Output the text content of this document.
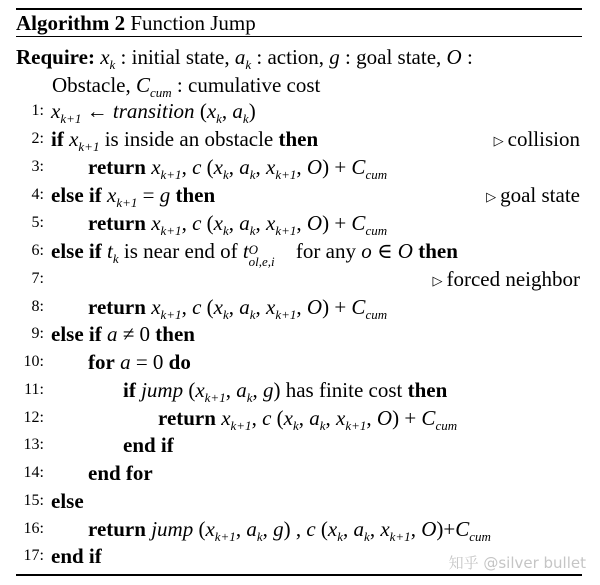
Algorithm 2 Function Jump
Require: $x_k$ : initial state, $a_k$ : action, g : goal state, O :
Obstacle, $C_{cum}$ : cumulative cost
1: $x_{k+1}$ ← transition ($x_k$, $a_k$)
2: if $x_{k+1}$ is inside an obstacle then	▷ collision
3: return $x_{k+1}$, c ($x_k$, $a_k$, $x_{k+1}$, $O) + C_{cum}$
4: else if $x_{k+1} = g$ then	▷ goal state
5: return $x_{k+1}$, c ($x_k$, $a_k$, $x_{k+1}$, $O) + C_{cum}$
6: else if $t_k$ is near end of t O
ol,e,i for any o ∈ O then
7:	▷ forced neighbor
8: return $x_{k+1}$, c ($x_k$, $a_k$, $x_{k+1}$, $O) + C_{cum}$
9: else if a ≠ 0 then
10: for a = 0 do
11:	if jump ($x_{k+1}$, $a_k$, g) has finite cost then
12:	return $x_{k+1}$, c ($x_k$, $a_k$, $x_{k+1}$, $O) + C_{cum}$
13:	end if
14: end for
15: else
16: return jump ($x_{k+1}$, $a_k$, g) , c ($x_k$, $a_k$, $x_{k+1}$, $O)+C_{cum}$
17: end if	知乎 @silver bullet
